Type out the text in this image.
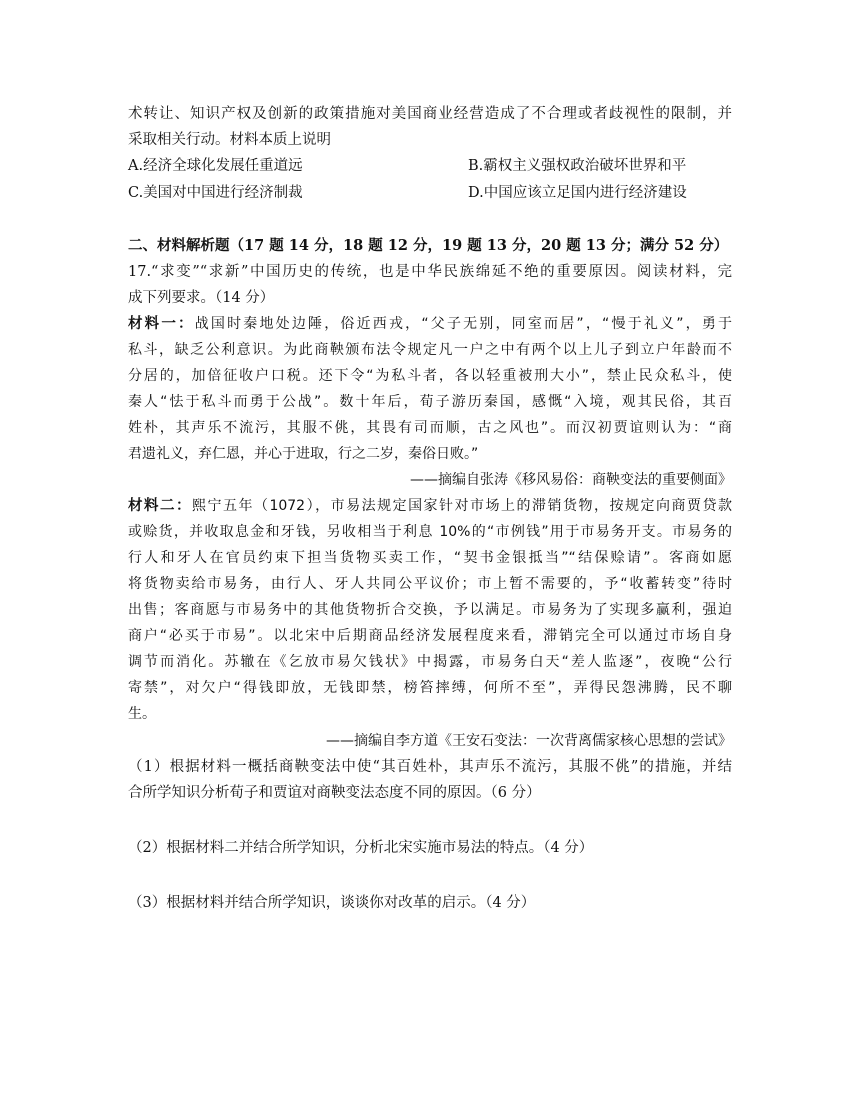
术转让、知识产权及创新的政策措施对美国商业经营造成了不合理或者歧视性的限制，并
采取相关行动。材料本质上说明
A.经济全球化发展任重道远	B.霸权主义强权政治破坏世界和平
C.美国对中国进行经济制裁	D.中国应该立足国内进行经济建设
二、材料解析题（17 题 14 分，18 题 12 分，19 题 13 分，20 题 13 分；满分 52 分）
17.“求变”“求新”中国历史的传统，也是中华民族绵延不绝的重要原因。阅读材料，完
成下列要求。（14 分）
材料一：战国时秦地处边陲，俗近西戎，“父子无别，同室而居”，“慢于礼义”，勇于
私斗，缺乏公利意识。为此商鞅颁布法令规定凡一户之中有两个以上儿子到立户年龄而不
分居的，加倍征收户口税。还下令“为私斗者，各以轻重被刑大小”，禁止民众私斗，使
秦人“怯于私斗而勇于公战”。数十年后，荀子游历秦国，感慨“入境，观其民俗，其百
姓朴，其声乐不流污，其服不佻，其畏有司而顺，古之风也”。而汉初贾谊则认为：“商
君遗礼义，弃仁恩，并心于进取，行之二岁，秦俗日败。”
——摘编自张涛《移风易俗：商鞅变法的重要侧面》
材料二：熙宁五年（1072），市易法规定国家针对市场上的滞销货物，按规定向商贾贷款
或赊货，并收取息金和牙钱，另收相当于利息 10%的“市例钱”用于市易务开支。市易务的
行人和牙人在官员约束下担当货物买卖工作，“契书金银抵当”“结保赊请”。客商如愿
将货物卖给市易务，由行人、牙人共同公平议价；市上暂不需要的，予“收蓄转变”待时
出售；客商愿与市易务中的其他货物折合交换，予以满足。市易务为了实现多赢利，强迫
商户“必买于市易”。以北宋中后期商品经济发展程度来看，滞销完全可以通过市场自身
调节而消化。苏辙在《乞放市易欠钱状》中揭露，市易务白天“差人监逐”，夜晚“公行
寄禁”，对欠户“得钱即放，无钱即禁，榜笞摔缚，何所不至”，弄得民怨沸腾，民不聊
生。
——摘编自李方道《王安石变法：一次背离儒家核心思想的尝试》
（1）根据材料一概括商鞅变法中使“其百姓朴，其声乐不流污，其服不佻”的措施，并结
合所学知识分析荀子和贾谊对商鞅变法态度不同的原因。（6 分）
（2）根据材料二并结合所学知识，分析北宋实施市易法的特点。（4 分）
（3）根据材料并结合所学知识，谈谈你对改革的启示。（4 分）
